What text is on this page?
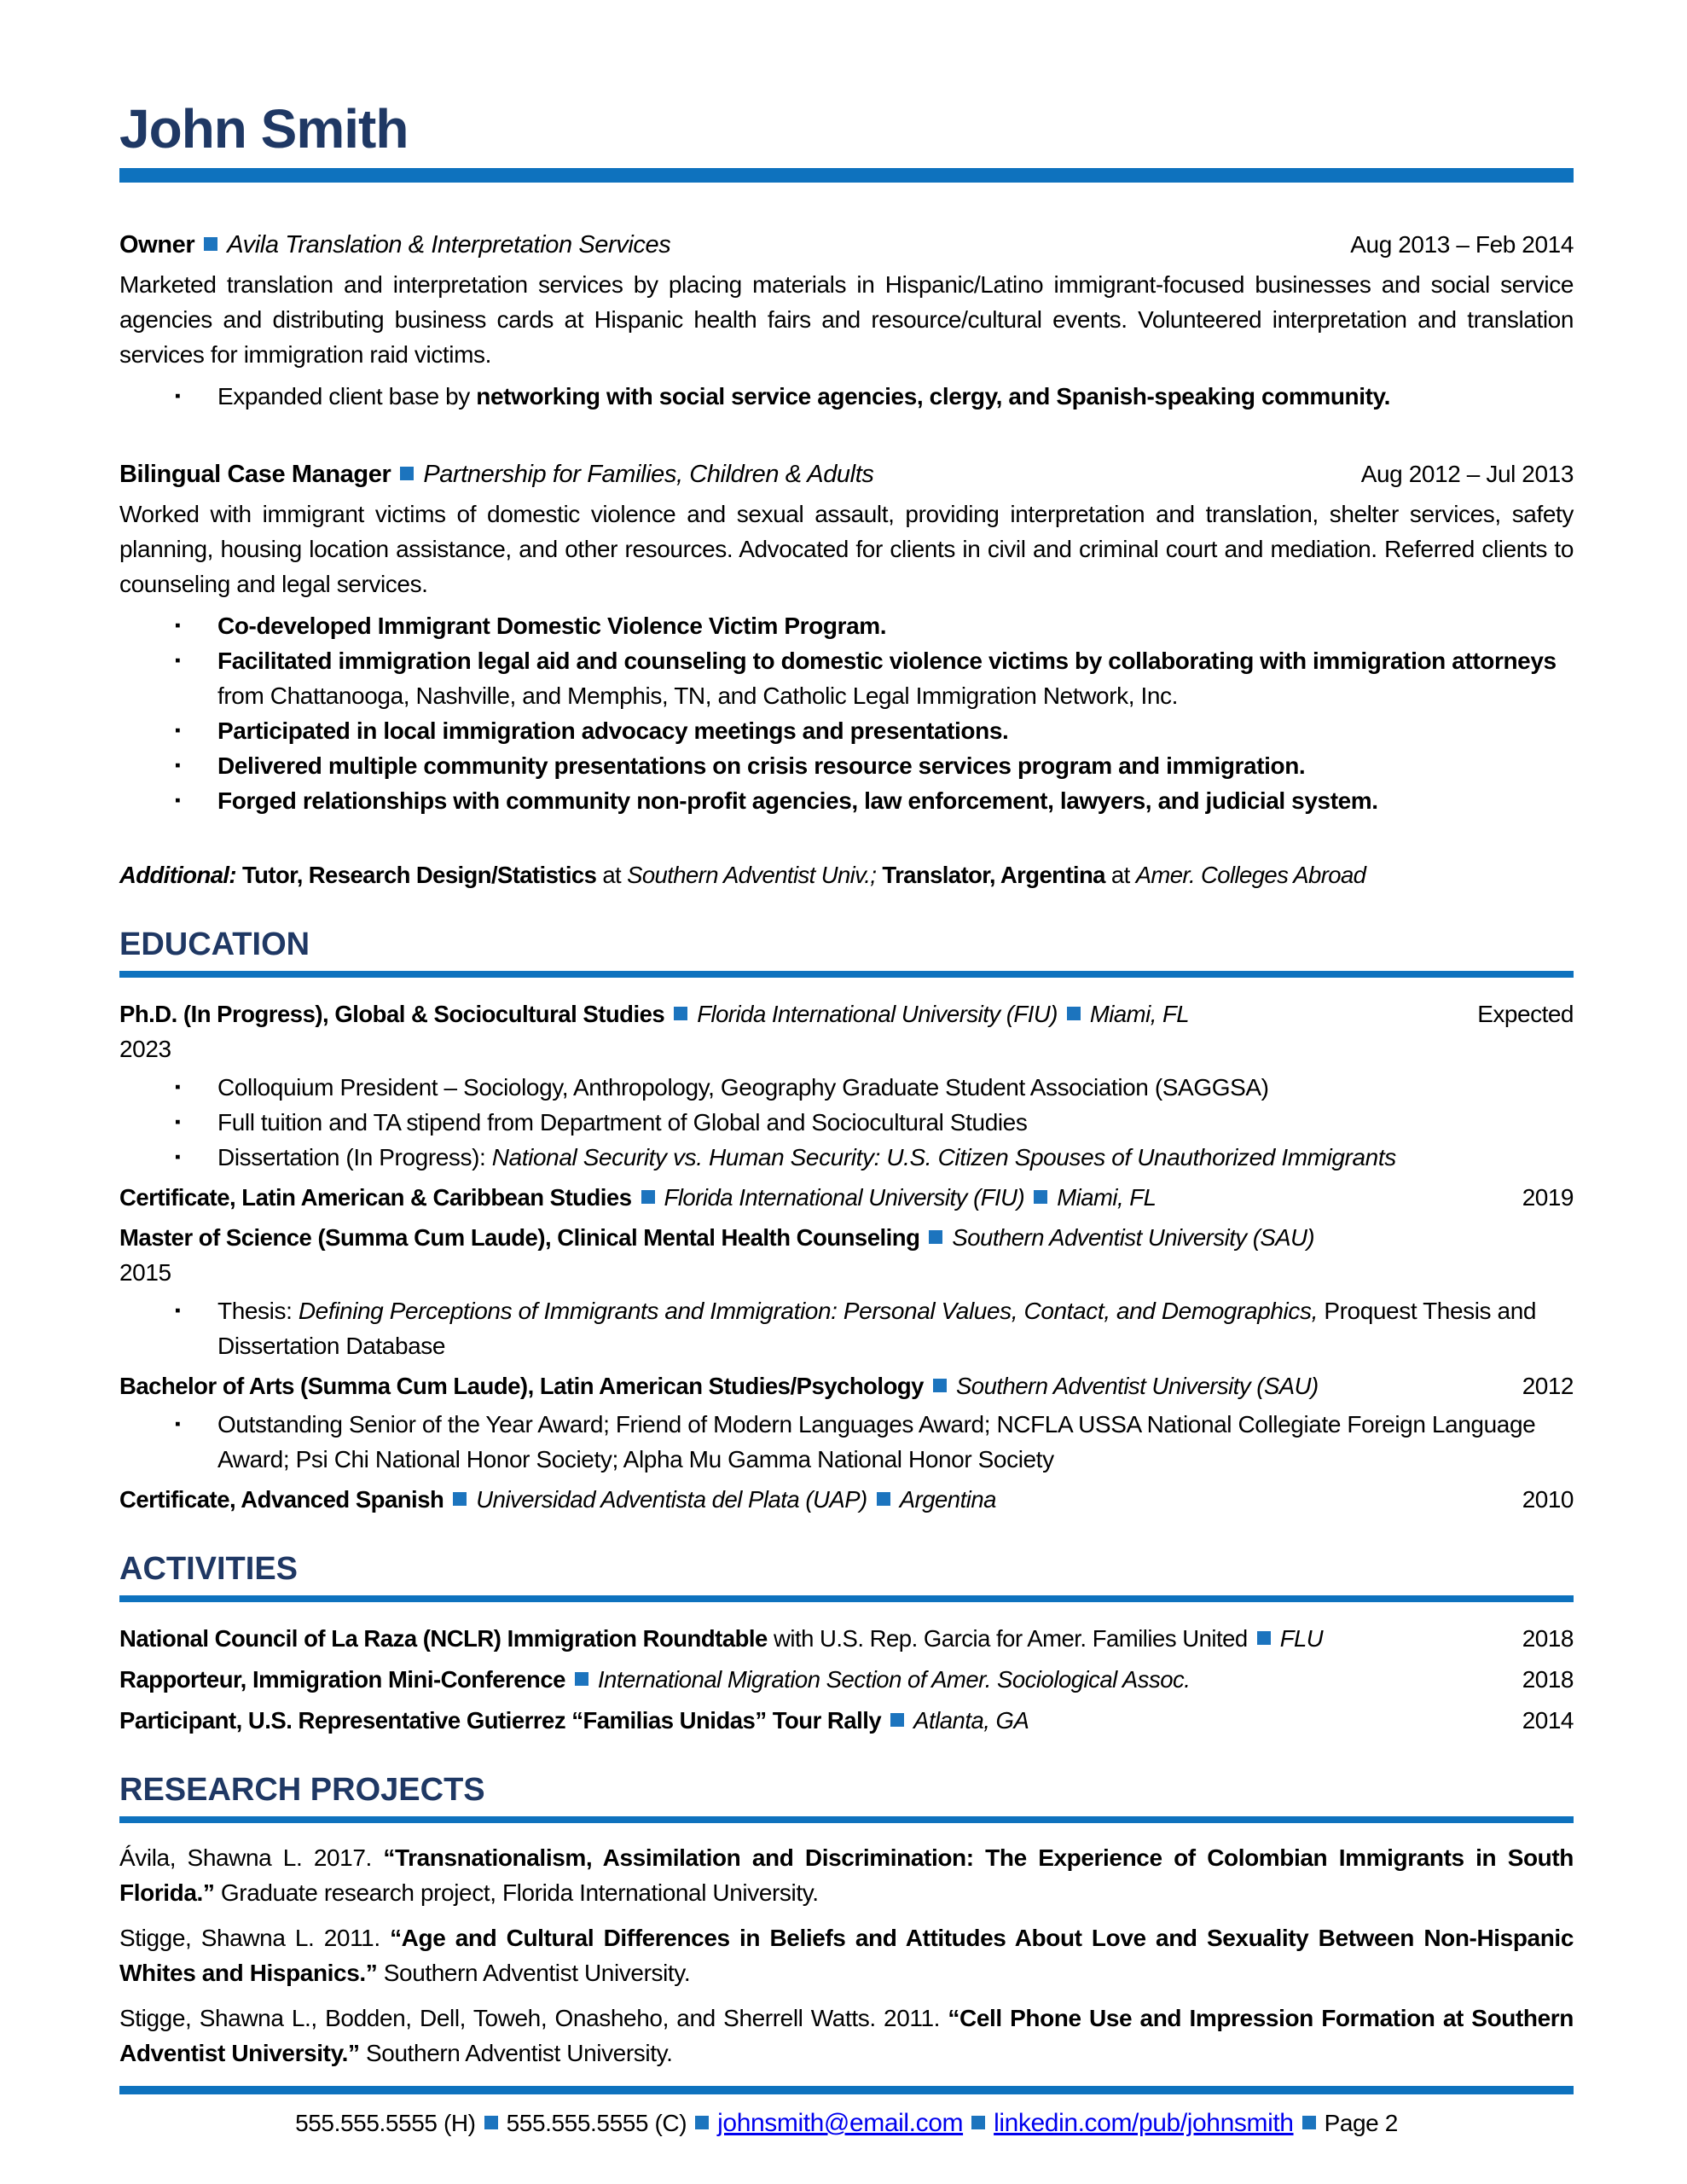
John Smith
Owner Avila Translation & Interpretation Services	Aug 2013 – Feb 2014
Marketed translation and interpretation services by placing materials in Hispanic/Latino immigrant-focused businesses and social service agencies and distributing business cards at Hispanic health fairs and resource/cultural events. Volunteered interpretation and translation services for immigration raid victims.
▪
Expanded client base by networking with social service agencies, clergy, and Spanish-speaking community.
Bilingual Case Manager Partnership for Families, Children & Adults	Aug 2012 – Jul 2013
Worked with immigrant victims of domestic violence and sexual assault, providing interpretation and translation, shelter services, safety planning, housing location assistance, and other resources. Advocated for clients in civil and criminal court and mediation. Referred clients to counseling and legal services.
▪
Co-developed Immigrant Domestic Violence Victim Program.
▪
Facilitated immigration legal aid and counseling to domestic violence victims by collaborating with immigration attorneys from Chattanooga, Nashville, and Memphis, TN, and Catholic Legal Immigration Network, Inc.
▪
Participated in local immigration advocacy meetings and presentations.
▪
Delivered multiple community presentations on crisis resource services program and immigration.
▪
Forged relationships with community non-profit agencies, law enforcement, lawyers, and judicial system.
Additional: Tutor, Research Design/Statistics at Southern Adventist Univ.; Translator, Argentina at Amer. Colleges Abroad
EDUCATION
Ph.D. (In Progress), Global & Sociocultural Studies Florida International University (FIU) Miami, FL	Expected
2023
▪
Colloquium President – Sociology, Anthropology, Geography Graduate Student Association (SAGGSA)
▪
Full tuition and TA stipend from Department of Global and Sociocultural Studies
▪
Dissertation (In Progress): National Security vs. Human Security: U.S. Citizen Spouses of Unauthorized Immigrants
Certificate, Latin American & Caribbean Studies Florida International University (FIU) Miami, FL	2019
Master of Science (Summa Cum Laude), Clinical Mental Health Counseling Southern Adventist University (SAU)
2015
▪
Thesis: Defining Perceptions of Immigrants and Immigration: Personal Values, Contact, and Demographics, Proquest Thesis and Dissertation Database
Bachelor of Arts (Summa Cum Laude), Latin American Studies/Psychology Southern Adventist University (SAU)	2012
▪
Outstanding Senior of the Year Award; Friend of Modern Languages Award; NCFLA USSA National Collegiate Foreign Language Award; Psi Chi National Honor Society; Alpha Mu Gamma National Honor Society
Certificate, Advanced Spanish Universidad Adventista del Plata (UAP) Argentina	2010
ACTIVITIES
National Council of La Raza (NCLR) Immigration Roundtable with U.S. Rep. Garcia for Amer. Families United FLU	2018
Rapporteur, Immigration Mini-Conference International Migration Section of Amer. Sociological Assoc.	2018
Participant, U.S. Representative Gutierrez “Familias Unidas” Tour Rally Atlanta, GA	2014
RESEARCH PROJECTS
Ávila, Shawna L. 2017. “Transnationalism, Assimilation and Discrimination: The Experience of Colombian Immigrants in South Florida.” Graduate research project, Florida International University.
Stigge, Shawna L. 2011. “Age and Cultural Differences in Beliefs and Attitudes About Love and Sexuality Between Non-Hispanic Whites and Hispanics.” Southern Adventist University.
Stigge, Shawna L., Bodden, Dell, Toweh, Onasheho, and Sherrell Watts. 2011. “Cell Phone Use and Impression Formation at Southern Adventist University.” Southern Adventist University.
555.555.5555 (H) 555.555.5555 (C) johnsmith@email.com linkedin.com/pub/johnsmith Page 2
